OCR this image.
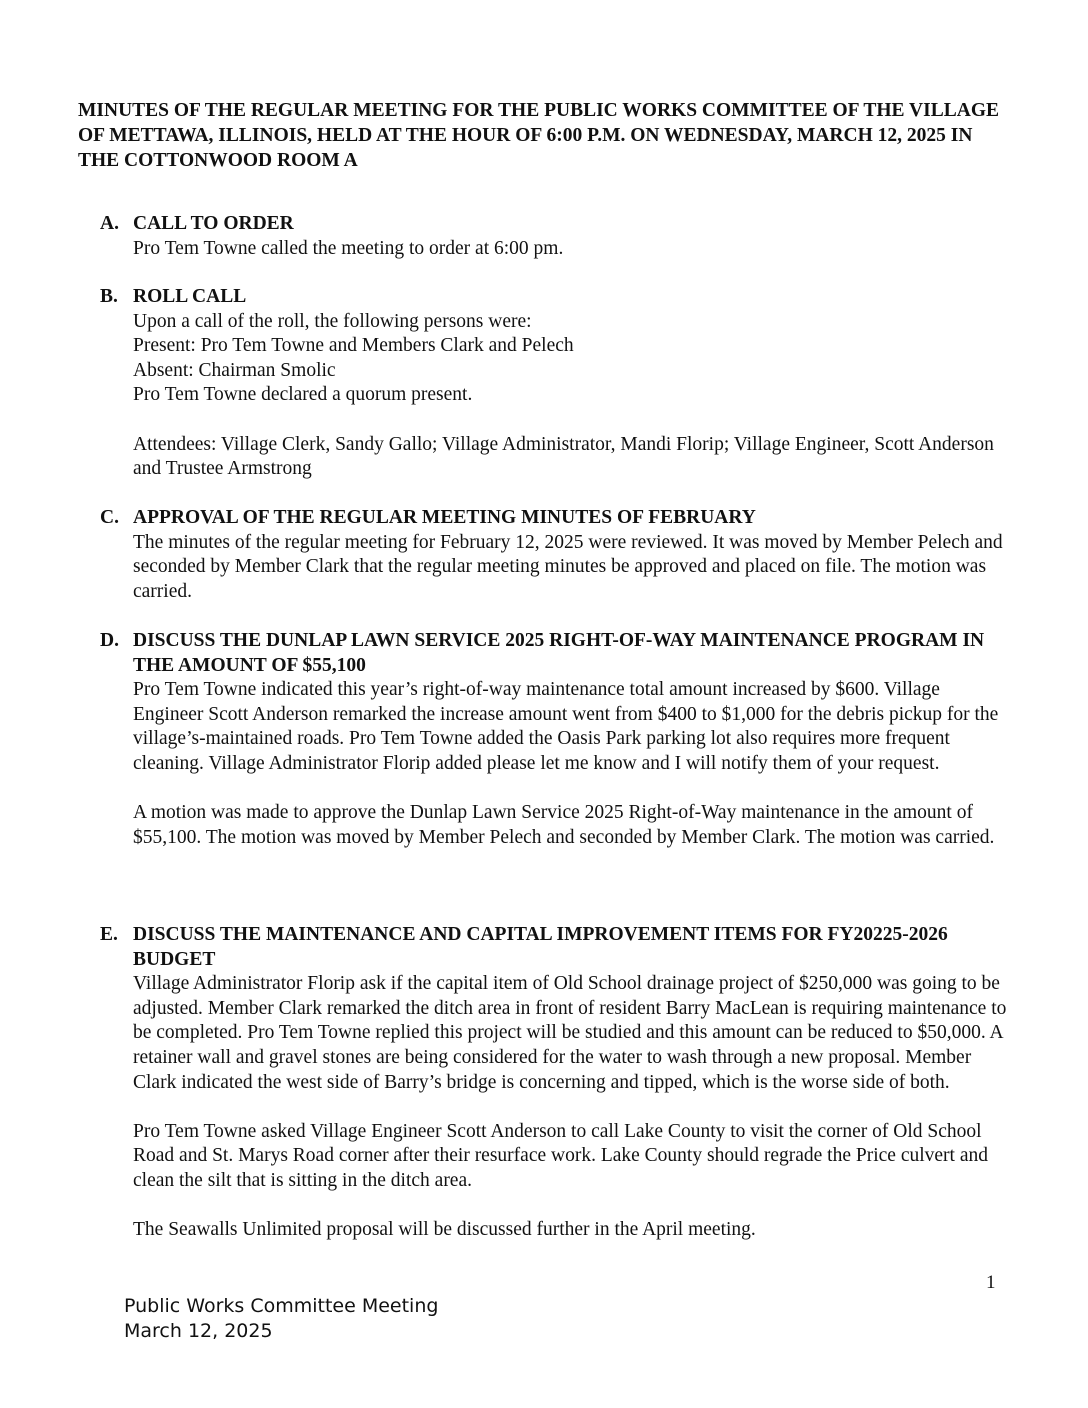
MINUTES OF THE REGULAR MEETING FOR THE PUBLIC WORKS COMMITTEE OF THE VILLAGE OF METTAWA, ILLINOIS, HELD AT THE HOUR OF 6:00 P.M. ON WEDNESDAY, MARCH 12, 2025 IN THE COTTONWOOD ROOM A
A. CALL TO ORDER

Pro Tem Towne called the meeting to order at 6:00 pm.

B. ROLL CALL

Upon a call of the roll, the following persons were:

Present: Pro Tem Towne and Members Clark and Pelech

Absent: Chairman Smolic

Pro Tem Towne declared a quorum present.

Attendees: Village Clerk, Sandy Gallo; Village Administrator, Mandi Florip; Village Engineer, Scott Anderson and Trustee Armstrong

C. APPROVAL OF THE REGULAR MEETING MINUTES OF FEBRUARY

The minutes of the regular meeting for February 12, 2025 were reviewed. It was moved by Member Pelech and seconded by Member Clark that the regular meeting minutes be approved and placed on file. The motion was carried.

D. DISCUSS THE DUNLAP LAWN SERVICE 2025 RIGHT-OF-WAY MAINTENANCE PROGRAM IN THE AMOUNT OF $55,100

Pro Tem Towne indicated this year’s right-of-way maintenance total amount increased by $600. Village Engineer Scott Anderson remarked the increase amount went from $400 to $1,000 for the debris pickup for the village’s-maintained roads. Pro Tem Towne added the Oasis Park parking lot also requires more frequent cleaning. Village Administrator Florip added please let me know and I will notify them of your request.

A motion was made to approve the Dunlap Lawn Service 2025 Right-of-Way maintenance in the amount of $55,100. The motion was moved by Member Pelech and seconded by Member Clark. The motion was carried.

E. DISCUSS THE MAINTENANCE AND CAPITAL IMPROVEMENT ITEMS FOR FY20225-2026 BUDGET

Village Administrator Florip ask if the capital item of Old School drainage project of $250,000 was going to be adjusted. Member Clark remarked the ditch area in front of resident Barry MacLean is requiring maintenance to be completed. Pro Tem Towne replied this project will be studied and this amount can be reduced to $50,000. A retainer wall and gravel stones are being considered for the water to wash through a new proposal. Member Clark indicated the west side of Barry’s bridge is concerning and tipped, which is the worse side of both.

Pro Tem Towne asked Village Engineer Scott Anderson to call Lake County to visit the corner of Old School Road and St. Marys Road corner after their resurface work. Lake County should regrade the Price culvert and clean the silt that is sitting in the ditch area.

The Seawalls Unlimited proposal will be discussed further in the April meeting.

1
Public Works Committee Meeting
March 12, 2025
